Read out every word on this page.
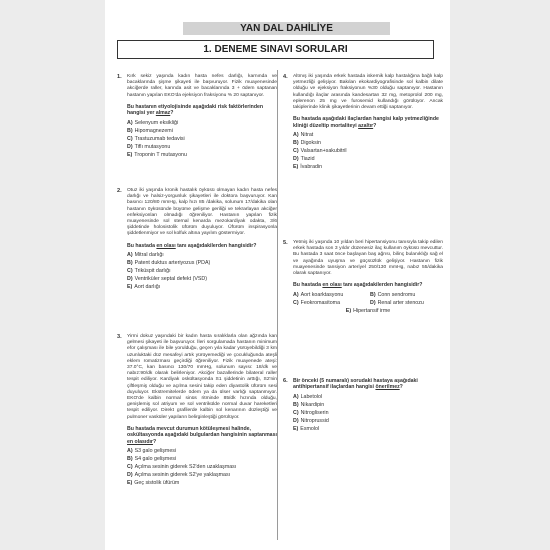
YAN DAL DAHİLİYE
1. DENEME SINAVI SORULARI
1. Kırk sekiz yaşında kadın hasta nefes darlığı, karnında ve bacaklarında şişme şikayeti ile başvuruyor. Fizik muayenesinde akciğerde raller, karında asit ve bacaklarında 3 + ödem saptanan hastanın yapılan EKO'da ejeksiyon fraksiyonu % 20 saptanıyor.

Bu hastanın etiyolojisinde aşağıdaki risk faktörlerinden hangisi yer almaz?

A) Selenyum eksikliği
B) Hipomagnezemi
C) Trastuzumab tedavisi
D) Tiflı mutasyonu
E) Troponin T mutasyonu
2. Otuz iki yaşında kronik hastalık öyküsü olmayan kadın hasta nefes darlığı ve halsiz-yorgunluk şikayetleri ile doktora başvuruyor. Kan basıncı 120/80 mmHg, kalp hızı 85 /dakika, solunum 17/dakika olan hastanın öyküsünde büyüme gelişme geriliği ve tekrarlayan akciğer enfeksiyonları olmadığı öğreniliyor. Hastanın yapılan fizik muayenesinde sol sternal kenarda mezokardiyak odakta, 3/6 şiddetinde holosistolik üfürüm duyuluyor. Üfürüm inspirasyonla şiddetlenmiyor ve sol kolfuk altına yayılım göstermiyor.

Bu hastada en olası tanı aşağıdakilerden hangisidir?

A) Mitral darlığı
B) Patent duktus arteriyozus (PDA)
C) Triküspit darlığı
D) Ventriküler septal defekt (VSD)
E) Aort darlığı
3. Yirmi dokuz yaşındaki bir kadın hasta sıralıklarla olan ağzında kan gelmesi şikayeti ile başvuruyor. İleri sorgulamada hastanın minimum efor çalışması ile bile yorulduğu, geçen yıla kadar yürüyebildiği 3 km uzunluktaki düz mesafeyi artık yürüyemediği ve çocukluğunda ateşli eklem romatizması geçirdiği öğreniliyor. Fizik muayenede ateşi: 37.0°C, kan basıncı 130/70 mmHg, solunum sayısı: 18/dk ve nabız:90/dk olarak belirleniyor. Akciğer bazallerinde bilateral raller tespit ediliyor. Kardiyak oskültasyonda S1 şiddetinin arttığı, S2'nin çiftleşmiş olduğu ve açılma sesini takip eden diyastolik üfürüm sesi duyuluyor. Ekstremitelerde ödem ya da ülser varlığı saptanmıyor. EKO'de kalbin normal sinüs ritminde 85/dk hızında olduğu, genişlemiş sol atriyum ve sol ventrikülde normal duvar hareketleri tespit ediliyor. Direkt grafilerde kalbin sol kenarının düzleştiği ve pulmoner vasküler yapıların belirginleştiği görülüyor.

Bu hastada mevcut durumun kötüleşmesi halinde, oskültasyonda aşağıdaki bulgulardan hangisinin saptanması en olasıdır?

A) S3 galo gelişmesi
B) S4 galo gelişmesi
C) Açılma sesinin giderek S2'den uzaklaşması
D) Açılma sesinin giderek S2'ye yaklaşması
E) Geç sistolik üfürüm
4. Altmış iki yaşında erkek hastada iskemik kalp hastalığına bağlı kalp yetmezliği gelişiyor. Bakılan ekokardiyografisinde sol kalbin dilate olduğu ve ejeksiyon fraksiyonun %30 olduğu saptanıyor. Hastanın kullandığı ilaçlar arasında kandesartan 32 mg, metoprolol 200 mg, eplerenon 25 mg ve furosemid kullandığı görülüyor. Ancak takiplerinde klinik şikayetlerinin devam ettiği saptanıyor.

Bu hastada aşağıdaki ilaçlardan hangisi kalp yetmezliğinde kliniği düzeltip mortaliteyi azaltır?

A) Nitrat
B) Digoksin
C) Valsartan+sakubitril
D) Tiazid
E) İvabradin
5. Yetmiş iki yaşında 10 yıldan beri hipertansiyonu tanısıyla takip edilen erkek hastada son 3 yıldır düzenesiz ilaç kullanım öyküsü mevcuttur. Bu hastada 3 saat önce başlayan baş ağrısı, bilinç bulanıklığı sağ el ve ayağında uyuşma ve güçsüzlük gelişiyor. Hastanın fizik muayenesinde tansiyon arteriyel 250/130 mmHg, nabız 55/dakika olarak saptanıyor.

Bu hastada en olası tanı aşağıdakilerden hangisidir?

A) Aort koarktasyonu	B) Conn sendromu
C) Feokromasitoma	D) Renal arter stenozu
E) Hipertansif irme
6. Bir önceki (5 numaralı) sorudaki hastaya aşağıdaki antihipertansif ilaçlardan hangisi önerilmez?

A) Labetolol
B) Nikardipin
C) Nitrogliserin
D) Nitroprussid
E) Esmolol
